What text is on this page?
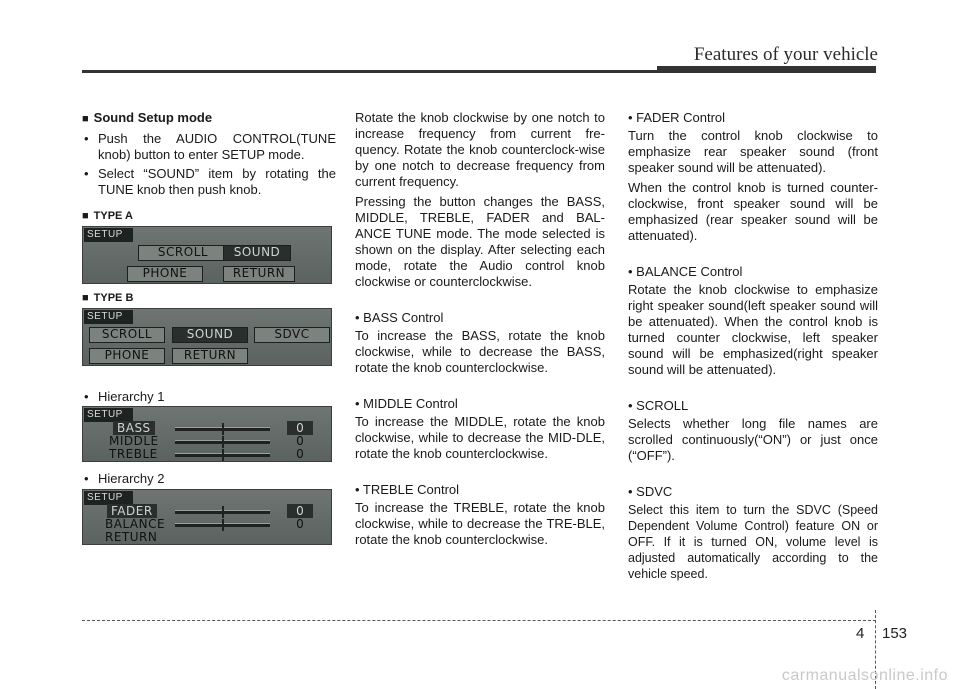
Features of your vehicle
■ Sound Setup mode
• Push the AUDIO CONTROL(TUNE knob) button to enter SETUP mode.
• Select “SOUND” item by rotating the TUNE knob then push knob.
■ TYPE A
SETUP
SCROLL	SOUND
PHONE	RETURN
■ TYPE B
SETUP
SCROLL	SOUND	SDVC
PHONE	RETURN
• Hierarchy 1
SETUP
BASS	0
MIDDLE	0
TREBLE	0
• Hierarchy 2
SETUP
FADER	0
BALANCE	0
RETURN

Rotate the knob clockwise by one notch to increase frequency from current fre-quency. Rotate the knob counterclock-wise by one notch to decrease frequency from current frequency.

Pressing the button changes the BASS, MIDDLE, TREBLE, FADER and BAL-ANCE TUNE mode. The mode selected is shown on the display. After selecting each mode, rotate the Audio control knob clockwise or counterclockwise.

• BASS Control

To increase the BASS, rotate the knob clockwise, while to decrease the BASS, rotate the knob counterclockwise.

• MIDDLE Control

To increase the MIDDLE, rotate the knob clockwise, while to decrease the MID-DLE, rotate the knob counterclockwise.

• TREBLE Control

To increase the TREBLE, rotate the knob clockwise, while to decrease the TRE-BLE, rotate the knob counterclockwise.

• FADER Control

Turn the control knob clockwise to emphasize rear speaker sound (front speaker sound will be attenuated).

When the control knob is turned counter-clockwise, front speaker sound will be emphasized (rear speaker sound will be attenuated).

• BALANCE Control

Rotate the knob clockwise to emphasize right speaker sound(left speaker sound will be attenuated). When the control knob is turned counter clockwise, left speaker sound will be emphasized(right speaker sound will be attenuated).

• SCROLL

Selects whether long file names are scrolled continuously(“ON”) or just once (“OFF”).

• SDVC

Select this item to turn the SDVC (Speed Dependent Volume Control) feature ON or OFF. If it is turned ON, volume level is adjusted automatically according to the vehicle speed.

4 153
carmanualsonline.info
